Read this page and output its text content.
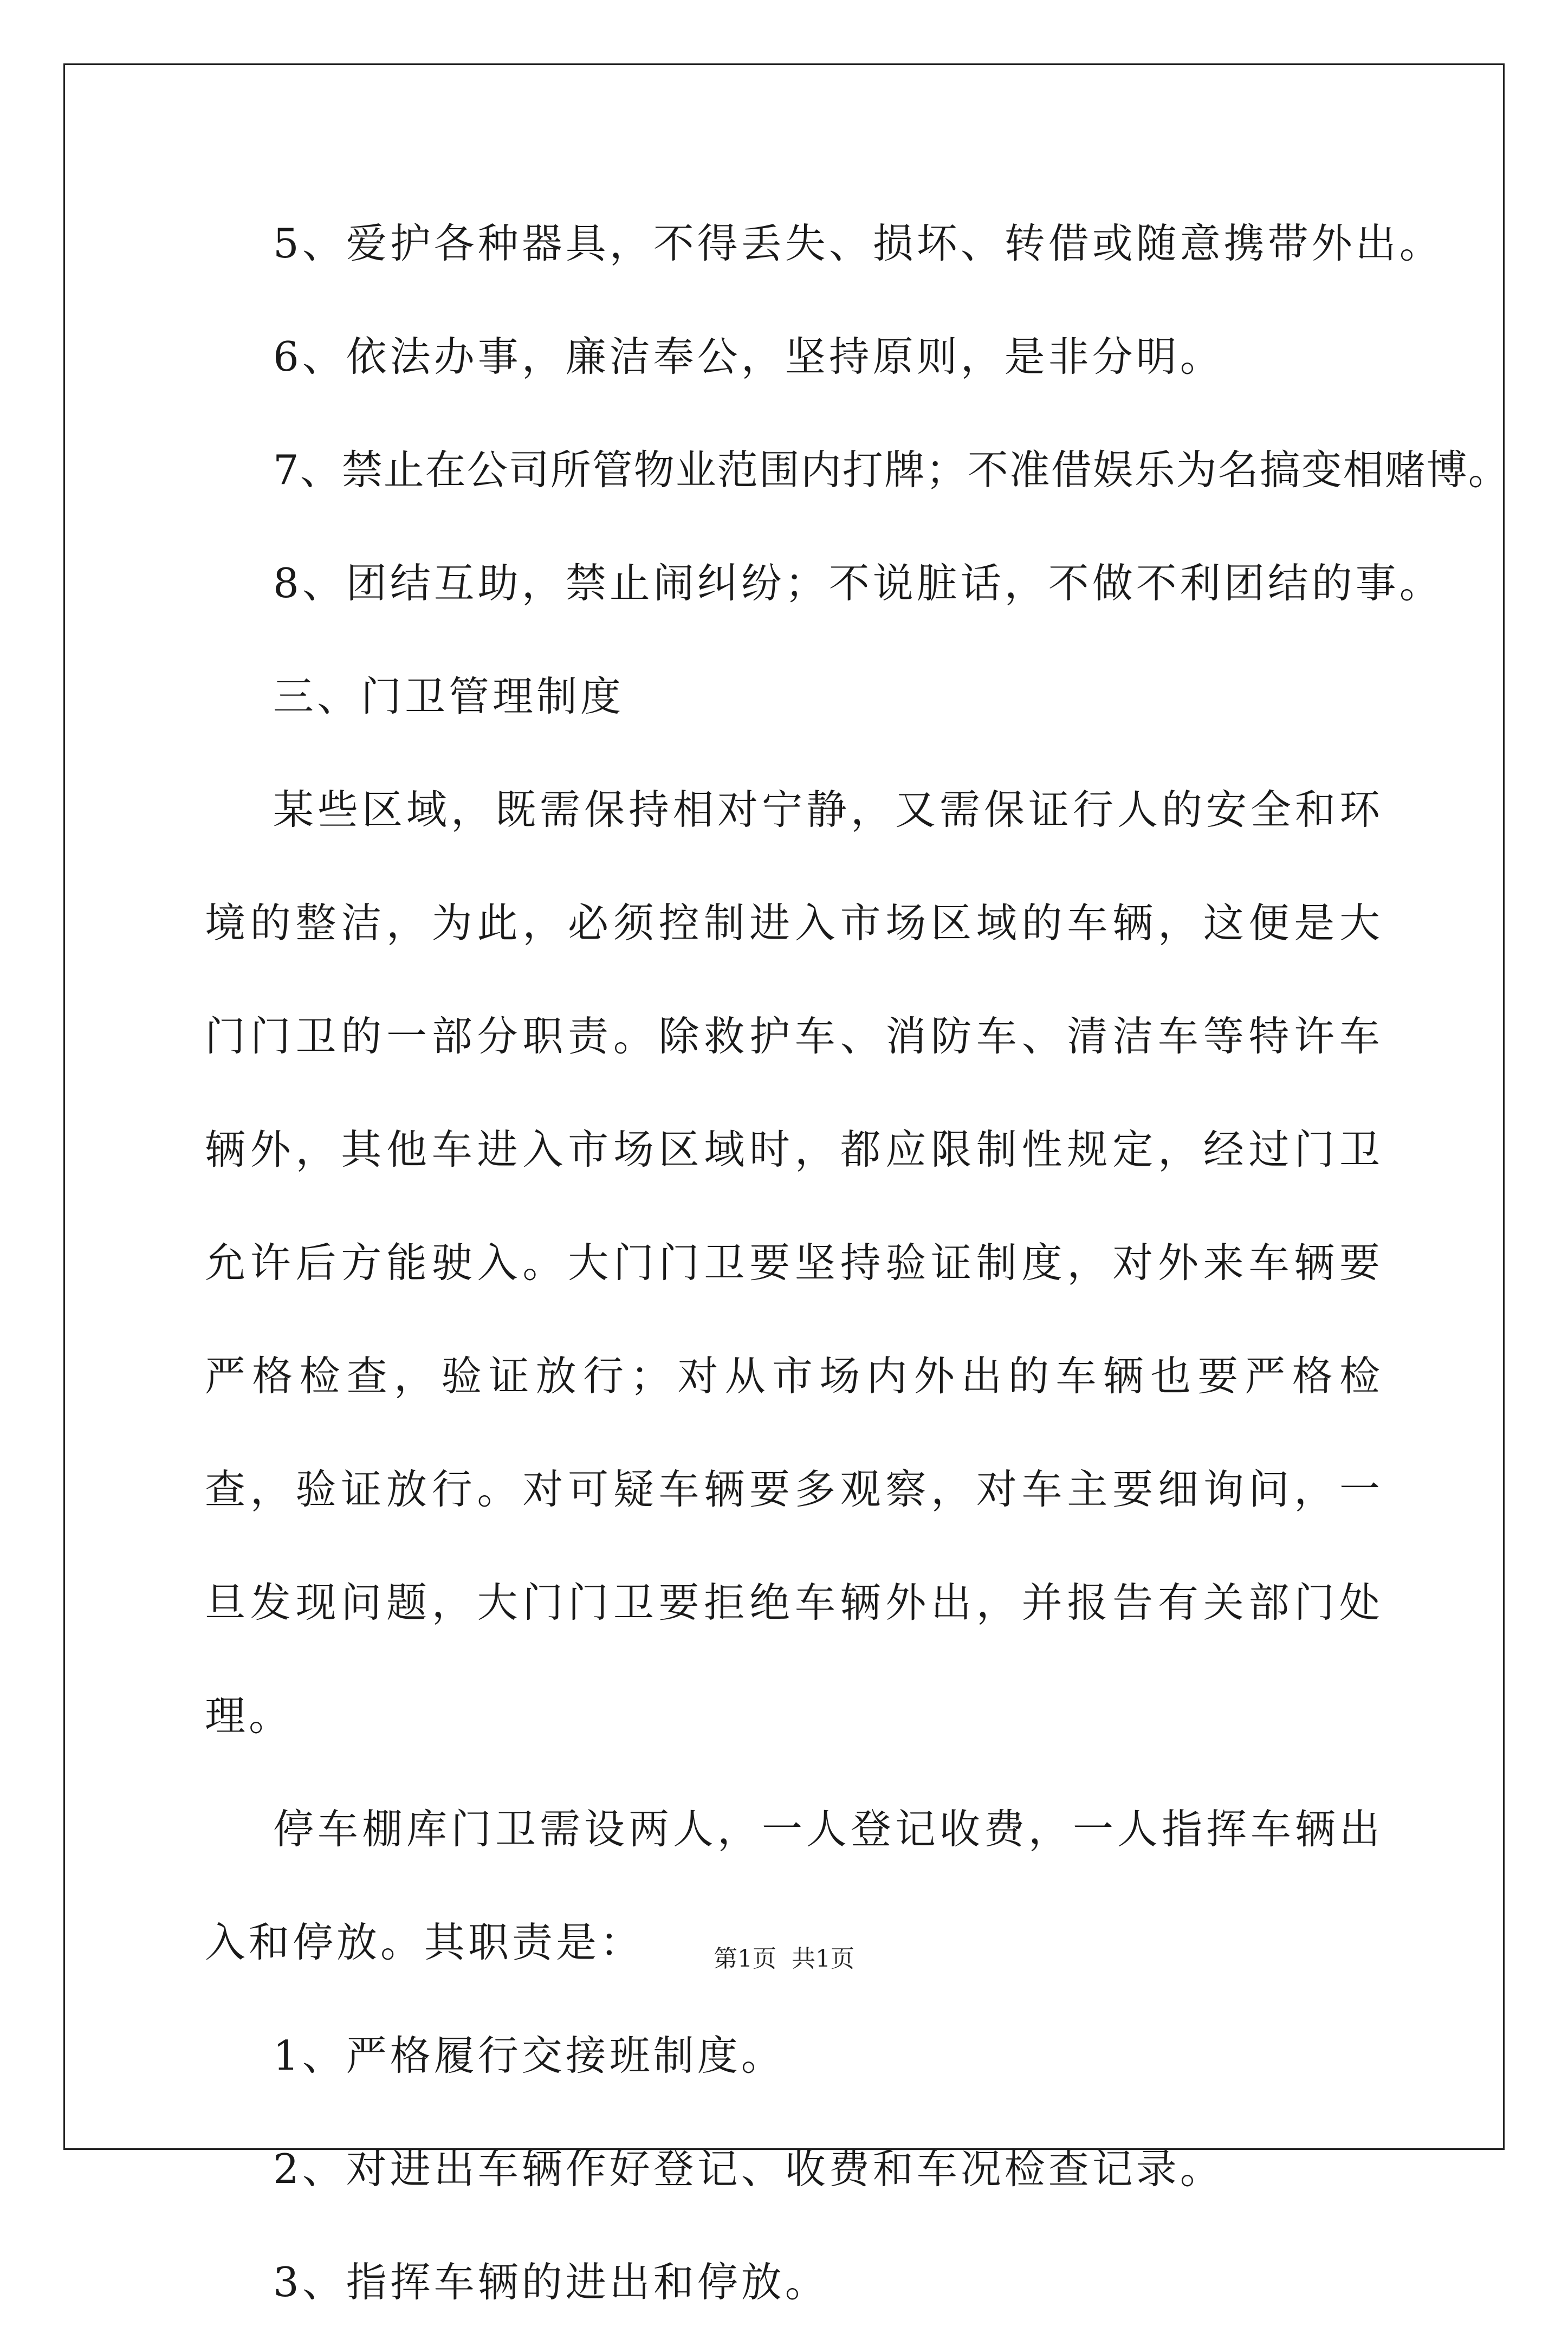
5、爱护各种器具，不得丢失、损坏、转借或随意携带外出。

6、依法办事，廉洁奉公，坚持原则，是非分明。

7、禁止在公司所管物业范围内打牌；不准借娱乐为名搞变相赌博。

8、团结互助，禁止闹纠纷；不说脏话，不做不利团结的事。

三、门卫管理制度

某些区域，既需保持相对宁静，又需保证行人的安全和环境的整洁，为此，必须控制进入市场区域的车辆，这便是大门门卫的一部分职责。除救护车、消防车、清洁车等特许车辆外，其他车进入市场区域时，都应限制性规定，经过门卫允许后方能驶入。大门门卫要坚持验证制度，对外来车辆要严格检查，验证放行；对从市场内外出的车辆也要严格检查，验证放行。对可疑车辆要多观察，对车主要细询问，一旦发现问题，大门门卫要拒绝车辆外出，并报告有关部门处理。

停车棚库门卫需设两人，一人登记收费，一人指挥车辆出入和停放。其职责是：

1、严格履行交接班制度。

2、对进出车辆作好登记、收费和车况检查记录。

3、指挥车辆的进出和停放。

第1页 共1页
